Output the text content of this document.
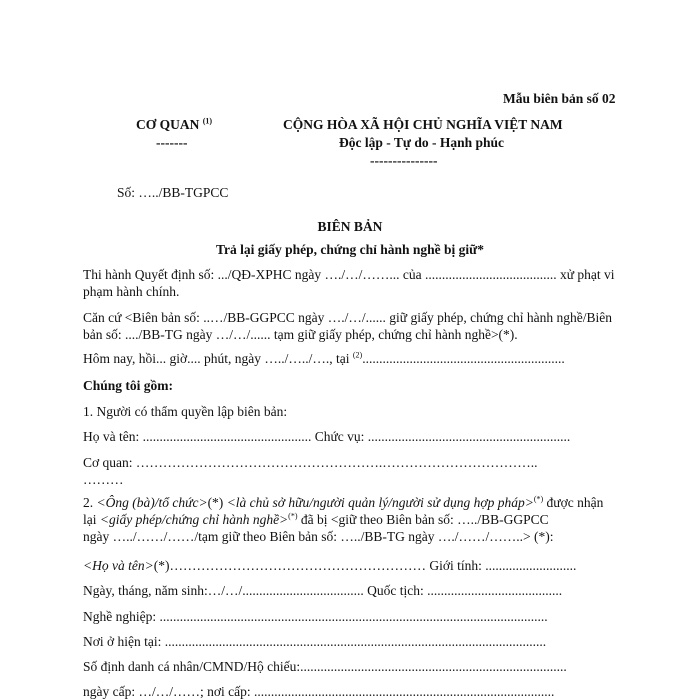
Mẫu biên bản số 02
CƠ QUAN $^{(1)}$
-------
CỘNG HÒA XÃ HỘI CHỦ NGHĨA VIỆT NAM
Độc lập - Tự do - Hạnh phúc
---------------
Số: …../BB-TGPCC
BIÊN BẢN
Trả lại giấy phép, chứng chỉ hành nghề bị giữ*
Thi hành Quyết định số: .../QĐ-XPHC ngày …./…/……... của ....................................... xử phạt vi
phạm hành chính.
Căn cứ <Biên bản số: ..…/BB-GGPCC ngày …./…/...... giữ giấy phép, chứng chỉ hành nghề/Biên
bản số: ..../BB-TG ngày …/…/...... tạm giữ giấy phép, chứng chỉ hành nghề>(*).
Hôm nay, hồi... giờ.... phút, ngày …../…../…., tại $^{(2)}$............................................................
Chúng tôi gồm:
1. Người có thẩm quyền lập biên bản:
Họ và tên: .................................................. Chức vụ: ............................................................
Cơ quan: ……………………………………………….……………………………..
………
2. <Ông (bà)/tổ chức>(*) <là chủ sở hữu/người quản lý/người sử dụng hợp pháp>(*) được nhận
lại <giấy phép/chứng chỉ hành nghề>(*) đã bị <giữ theo Biên bản số: …../BB-GGPCC
ngày …../……/……/tạm giữ theo Biên bản số: …../BB-TG ngày …./……/……..> (*):
<Họ và tên>(*)………………………………………………… Giới tính: ...........................
Ngày, tháng, năm sinh:…/…/.................................... Quốc tịch: ........................................
Nghề nghiệp: ...................................................................................................................
Nơi ở hiện tại: .................................................................................................................
Số định danh cá nhân/CMND/Hộ chiếu:...............................................................................
ngày cấp: …/…/……; nơi cấp: .........................................................................................
